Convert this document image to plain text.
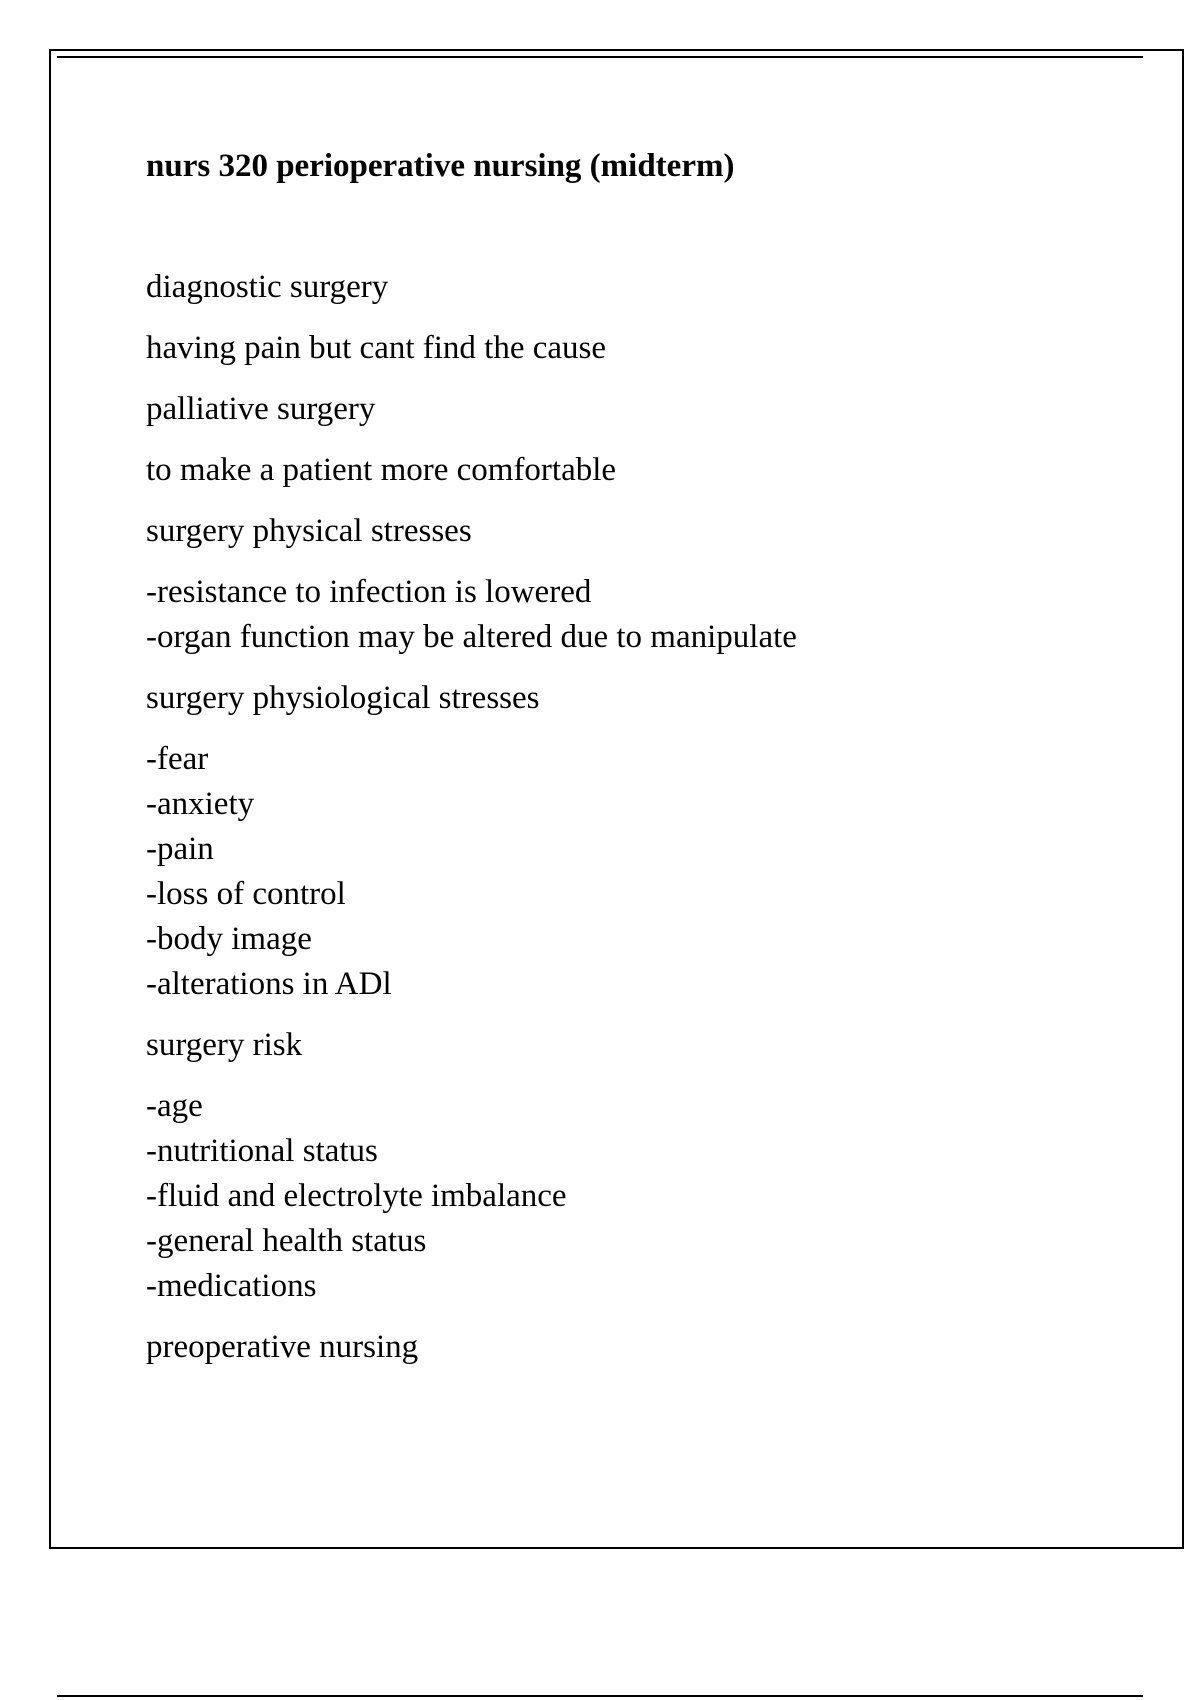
nurs 320 perioperative nursing (midterm)
diagnostic surgery
having pain but cant find the cause
palliative surgery
to make a patient more comfortable
surgery physical stresses
-resistance to infection is lowered
-organ function may be altered due to manipulate
surgery physiological stresses
-fear
-anxiety
-pain
-loss of control
-body image
-alterations in ADl
surgery risk
-age
-nutritional status
-fluid and electrolyte imbalance
-general health status
-medications
preoperative nursing
